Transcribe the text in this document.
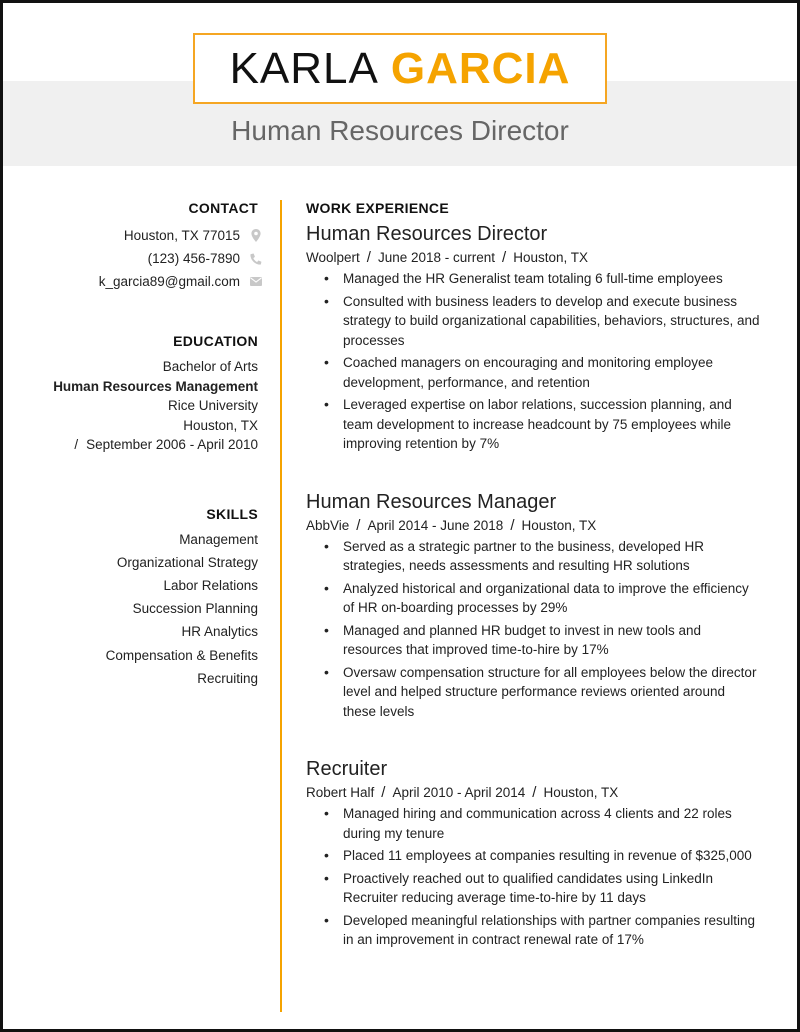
KARLA GARCIA
Human Resources Director
CONTACT
Houston, TX 77015
(123) 456-7890
k_garcia89@gmail.com
EDUCATION
Bachelor of Arts
Human Resources Management
Rice University
Houston, TX
/ September 2006 - April 2010
SKILLS
Management
Organizational Strategy
Labor Relations
Succession Planning
HR Analytics
Compensation & Benefits
Recruiting
WORK EXPERIENCE
Human Resources Director
Woolpert / June 2018 - current / Houston, TX
• Managed the HR Generalist team totaling 6 full-time employees
• Consulted with business leaders to develop and execute business strategy to build organizational capabilities, behaviors, structures, and processes
• Coached managers on encouraging and monitoring employee development, performance, and retention
• Leveraged expertise on labor relations, succession planning, and team development to increase headcount by 75 employees while improving retention by 7%
Human Resources Manager
AbbVie / April 2014 - June 2018 / Houston, TX
• Served as a strategic partner to the business, developed HR strategies, needs assessments and resulting HR solutions
• Analyzed historical and organizational data to improve the efficiency of HR on-boarding processes by 29%
• Managed and planned HR budget to invest in new tools and resources that improved time-to-hire by 17%
• Oversaw compensation structure for all employees below the director level and helped structure performance reviews oriented around these levels
Recruiter
Robert Half / April 2010 - April 2014 / Houston, TX
• Managed hiring and communication across 4 clients and 22 roles during my tenure
• Placed 11 employees at companies resulting in revenue of $325,000
• Proactively reached out to qualified candidates using LinkedIn Recruiter reducing average time-to-hire by 11 days
• Developed meaningful relationships with partner companies resulting in an improvement in contract renewal rate of 17%
